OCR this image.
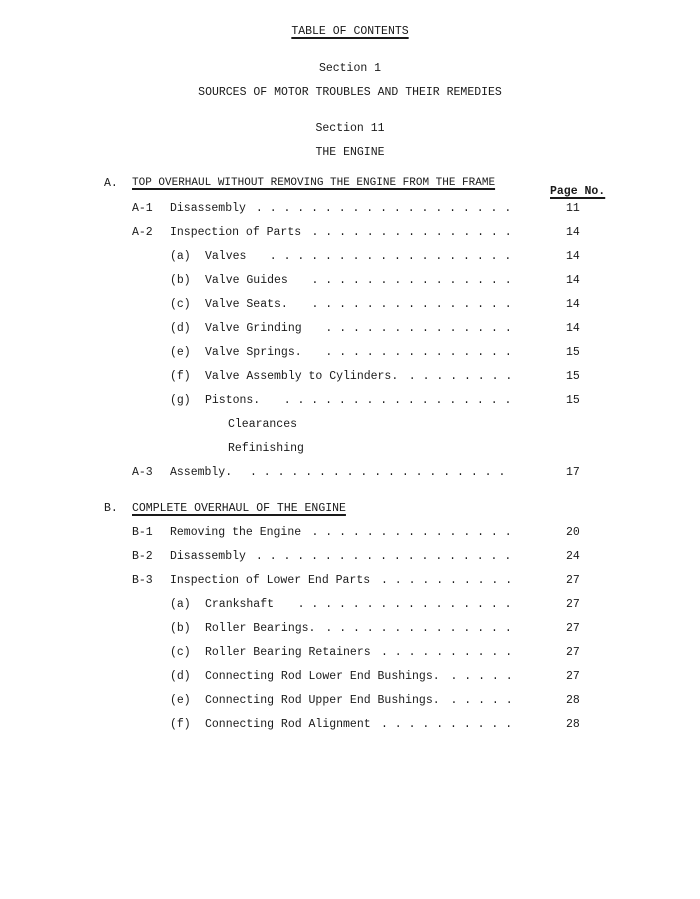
TABLE OF CONTENTS
Section 1
SOURCES OF MOTOR TROUBLES AND THEIR REMEDIES
Section 11
THE ENGINE
A. TOP OVERHAUL WITHOUT REMOVING THE ENGINE FROM THE FRAME
Page No.
A-1 Disassembly . . . . . . . . . . . . . . . . . . .	11
A-2 Inspection of Parts . . . . . . . . . . . . . . .	14
(a) Valves . . . . . . . . . . . . . . . . . .	14
(b) Valve Guides . . . . . . . . . . . . . . .	14
(c) Valve Seats. . . . . . . . . . . . . . . .	14
(d) Valve Grinding . . . . . . . . . . . . . .	14
(e) Valve Springs. . . . . . . . . . . . . . .	15
(f) Valve Assembly to Cylinders. . . . . . . . .	15
(g) Pistons. . . . . . . . . . . . . . . . . .	15
Clearances
Refinishing
A-3 Assembly. . . . . . . . . . . . . . . . . . . .	17
B. COMPLETE OVERHAUL OF THE ENGINE
B-1 Removing the Engine . . . . . . . . . . . . . . .	20
B-2 Disassembly . . . . . . . . . . . . . . . . . . .	24
B-3 Inspection of Lower End Parts . . . . . . . . . .	27
(a) Crankshaft . . . . . . . . . . . . . . . .	27
(b) Roller Bearings. . . . . . . . . . . . . . .	27
(c) Roller Bearing Retainers . . . . . . . . . .	27
(d) Connecting Rod Lower End Bushings. . . . . .	27
(e) Connecting Rod Upper End Bushings. . . . . .	28
(f) Connecting Rod Alignment . . . . . . . . . .	28
